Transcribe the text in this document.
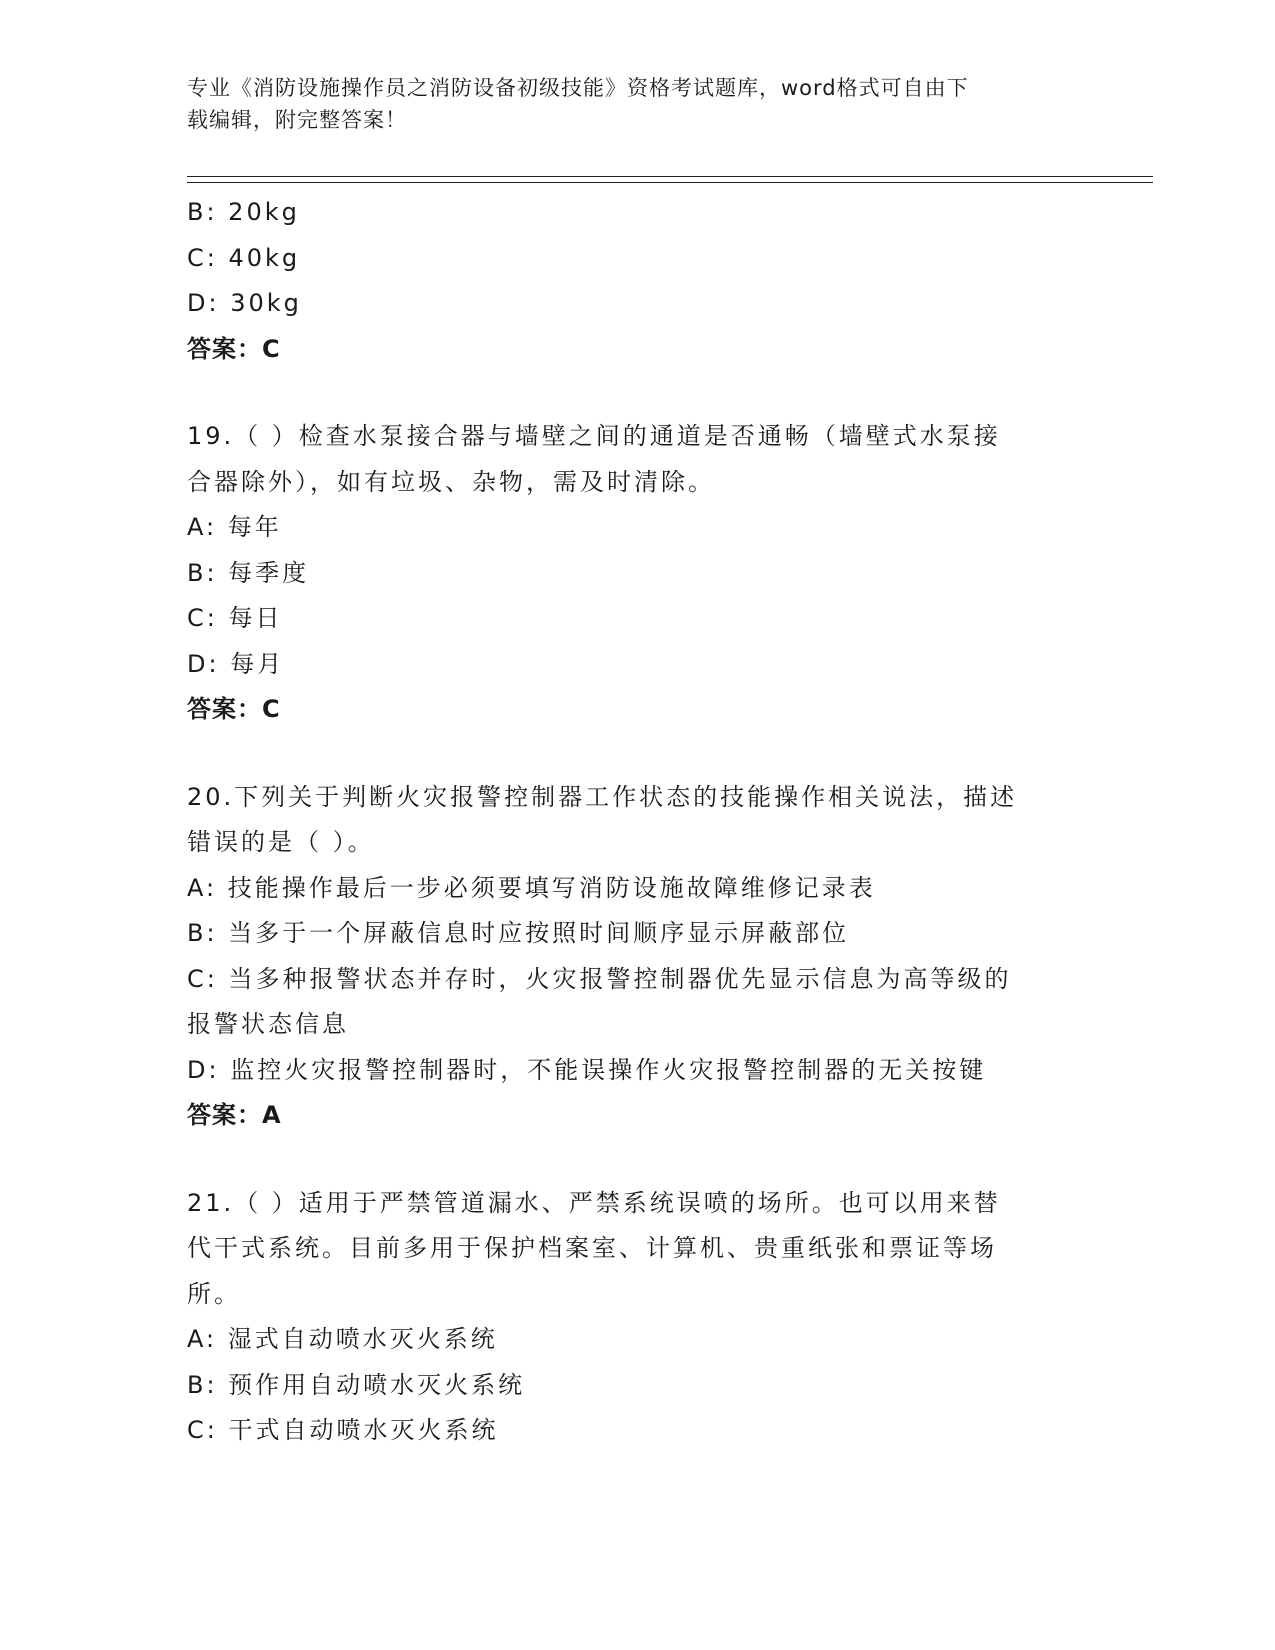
专业《消防设施操作员之消防设备初级技能》资格考试题库，word格式可自由下
载编辑，附完整答案！
B: 20kg
C: 40kg
D: 30kg
答案：C
19.（ ）检查水泵接合器与墙壁之间的通道是否通畅（墙壁式水泵接
合器除外），如有垃圾、杂物，需及时清除。
A: 每年
B: 每季度
C: 每日
D: 每月
答案：C
20.下列关于判断火灾报警控制器工作状态的技能操作相关说法，描述
错误的是（ ）。
A: 技能操作最后一步必须要填写消防设施故障维修记录表
B: 当多于一个屏蔽信息时应按照时间顺序显示屏蔽部位
C: 当多种报警状态并存时，火灾报警控制器优先显示信息为高等级的
报警状态信息
D: 监控火灾报警控制器时，不能误操作火灾报警控制器的无关按键
答案：A
21.（ ）适用于严禁管道漏水、严禁系统误喷的场所。也可以用来替
代干式系统。目前多用于保护档案室、计算机、贵重纸张和票证等场
所。
A: 湿式自动喷水灭火系统
B: 预作用自动喷水灭火系统
C: 干式自动喷水灭火系统
